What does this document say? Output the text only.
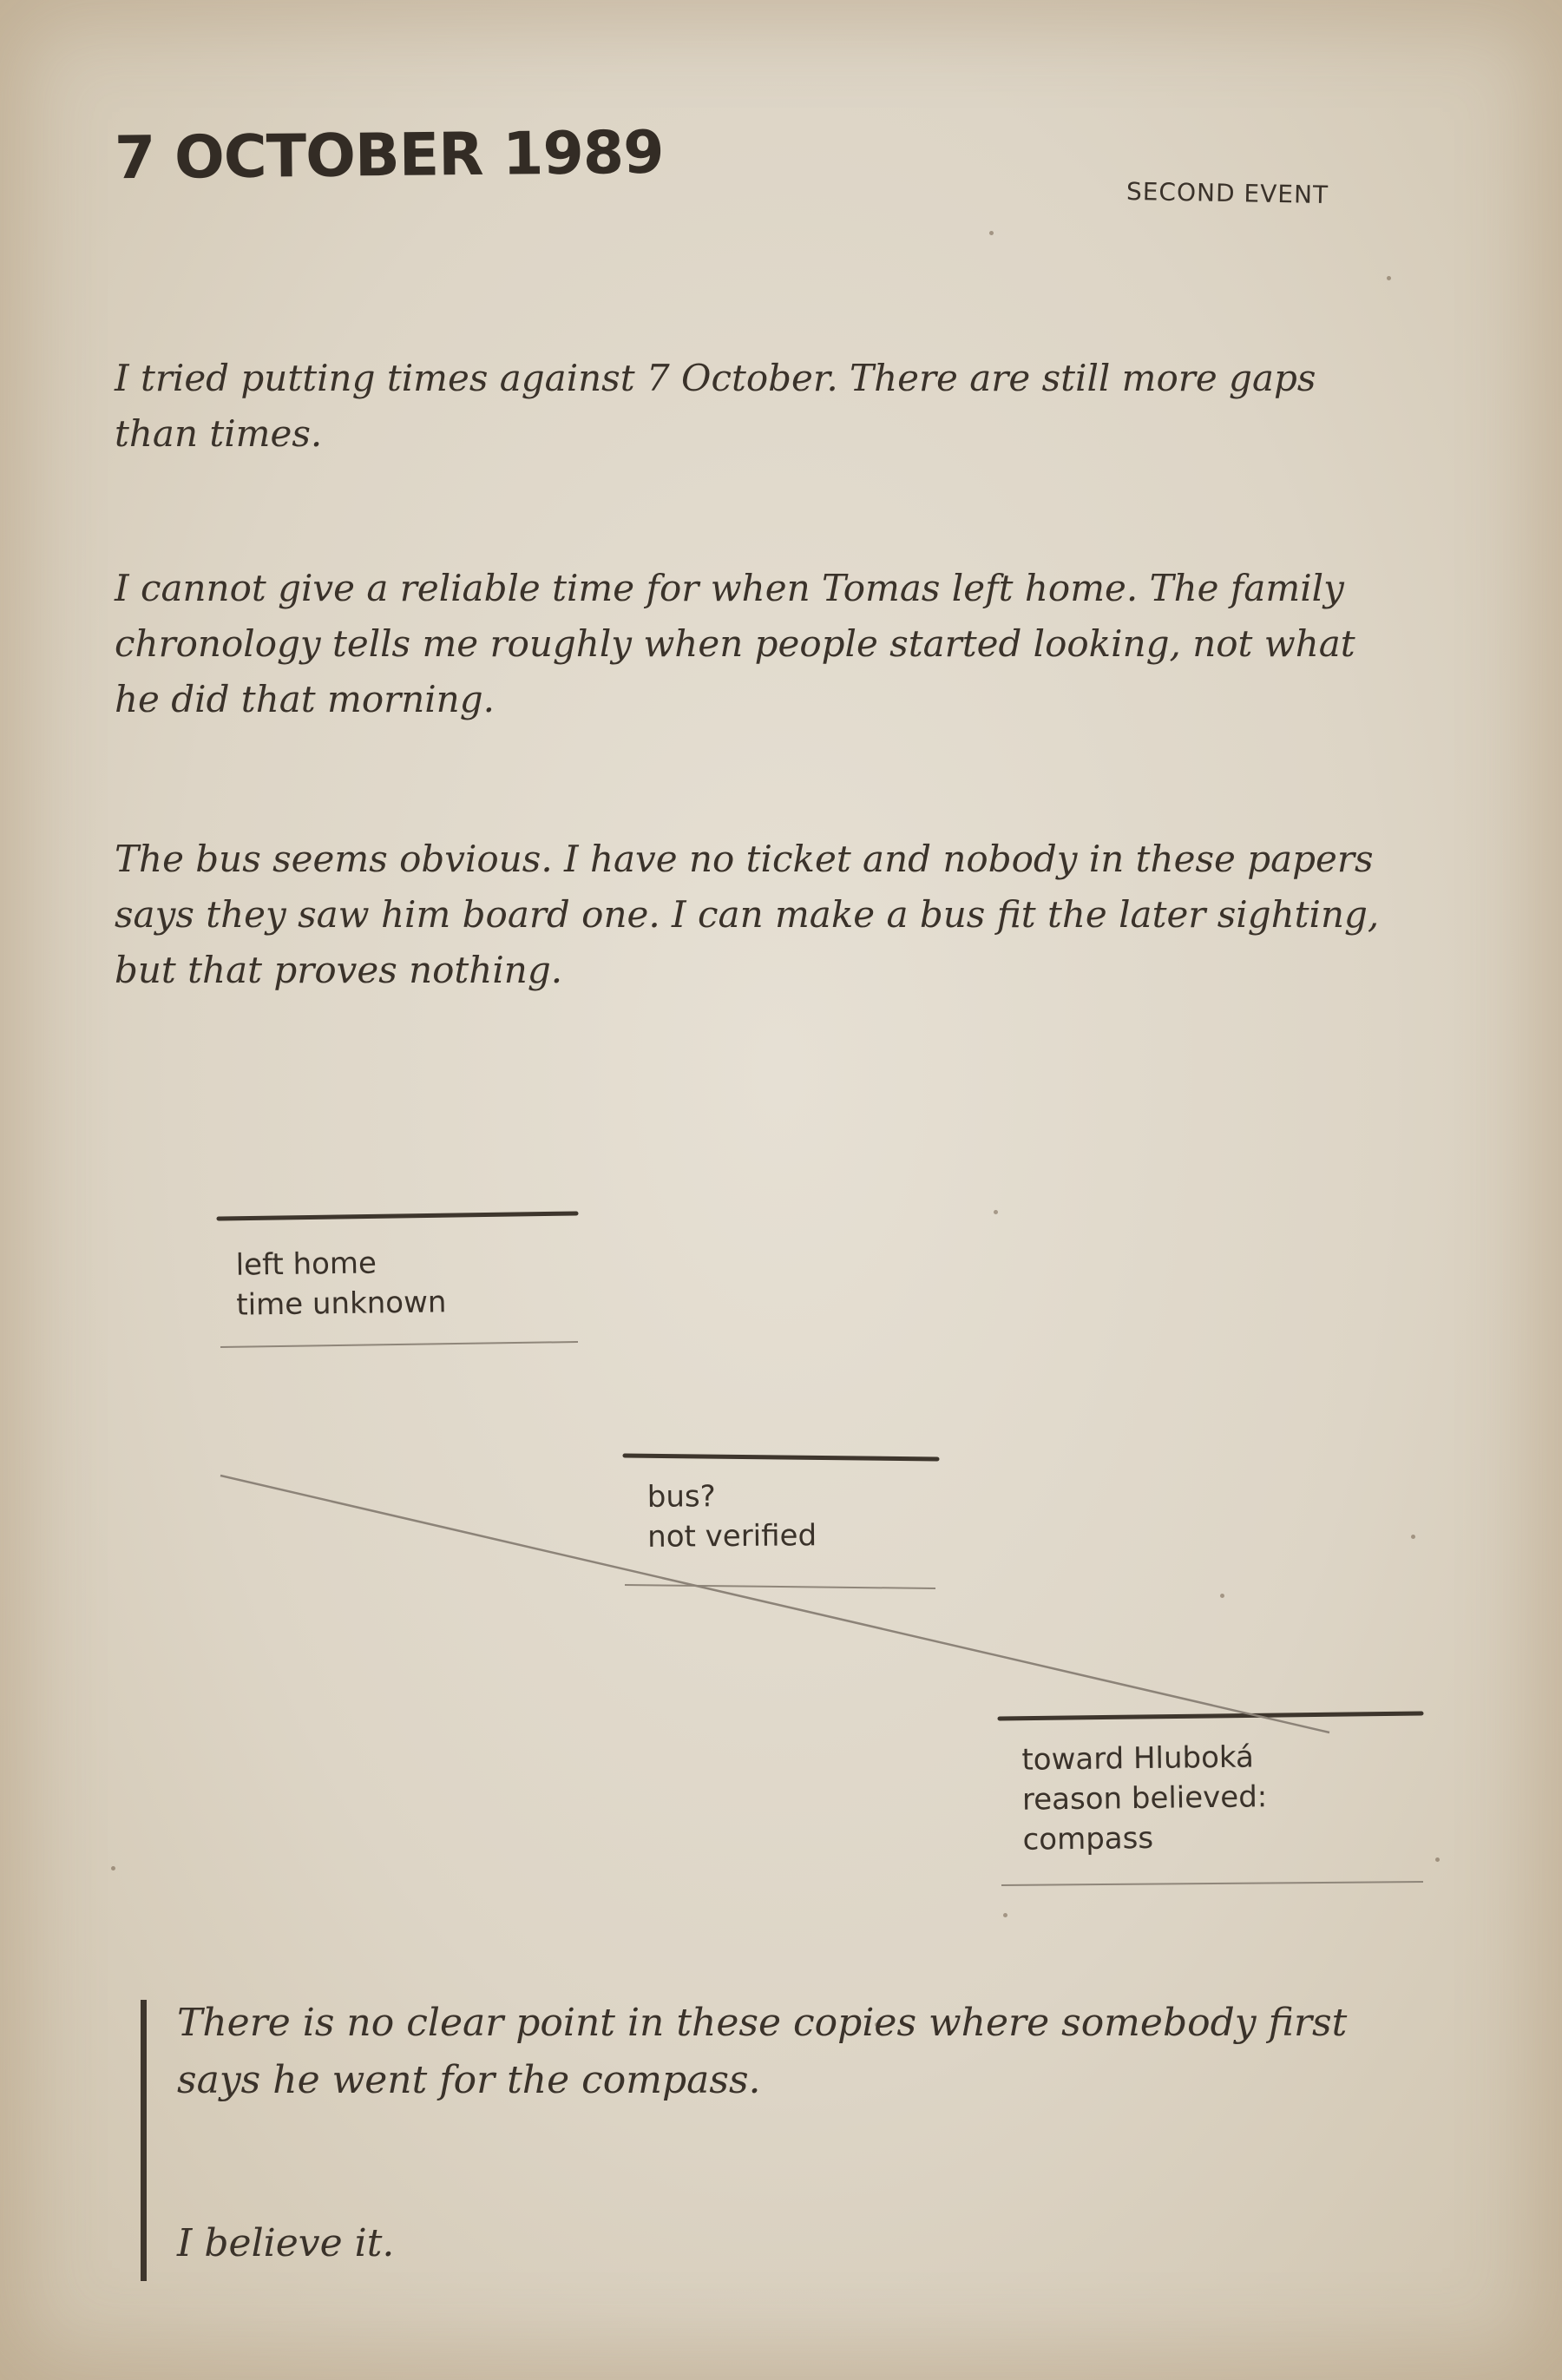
7 OCTOBER 1989
SECOND EVENT

I tried putting times against 7 October. There are still more gaps than times.

I cannot give a reliable time for when Tomas left home. The family chronology tells me roughly when people started looking, not what he did that morning.

The bus seems obvious. I have no ticket and nobody in these papers says they saw him board one. I can make a bus fit the later sighting, but that proves nothing.

left home
time unknown
bus?
not verified
toward Hluboká
reason believed:
compass

There is no clear point in these copies where somebody first says he went for the compass.

I believe it.
